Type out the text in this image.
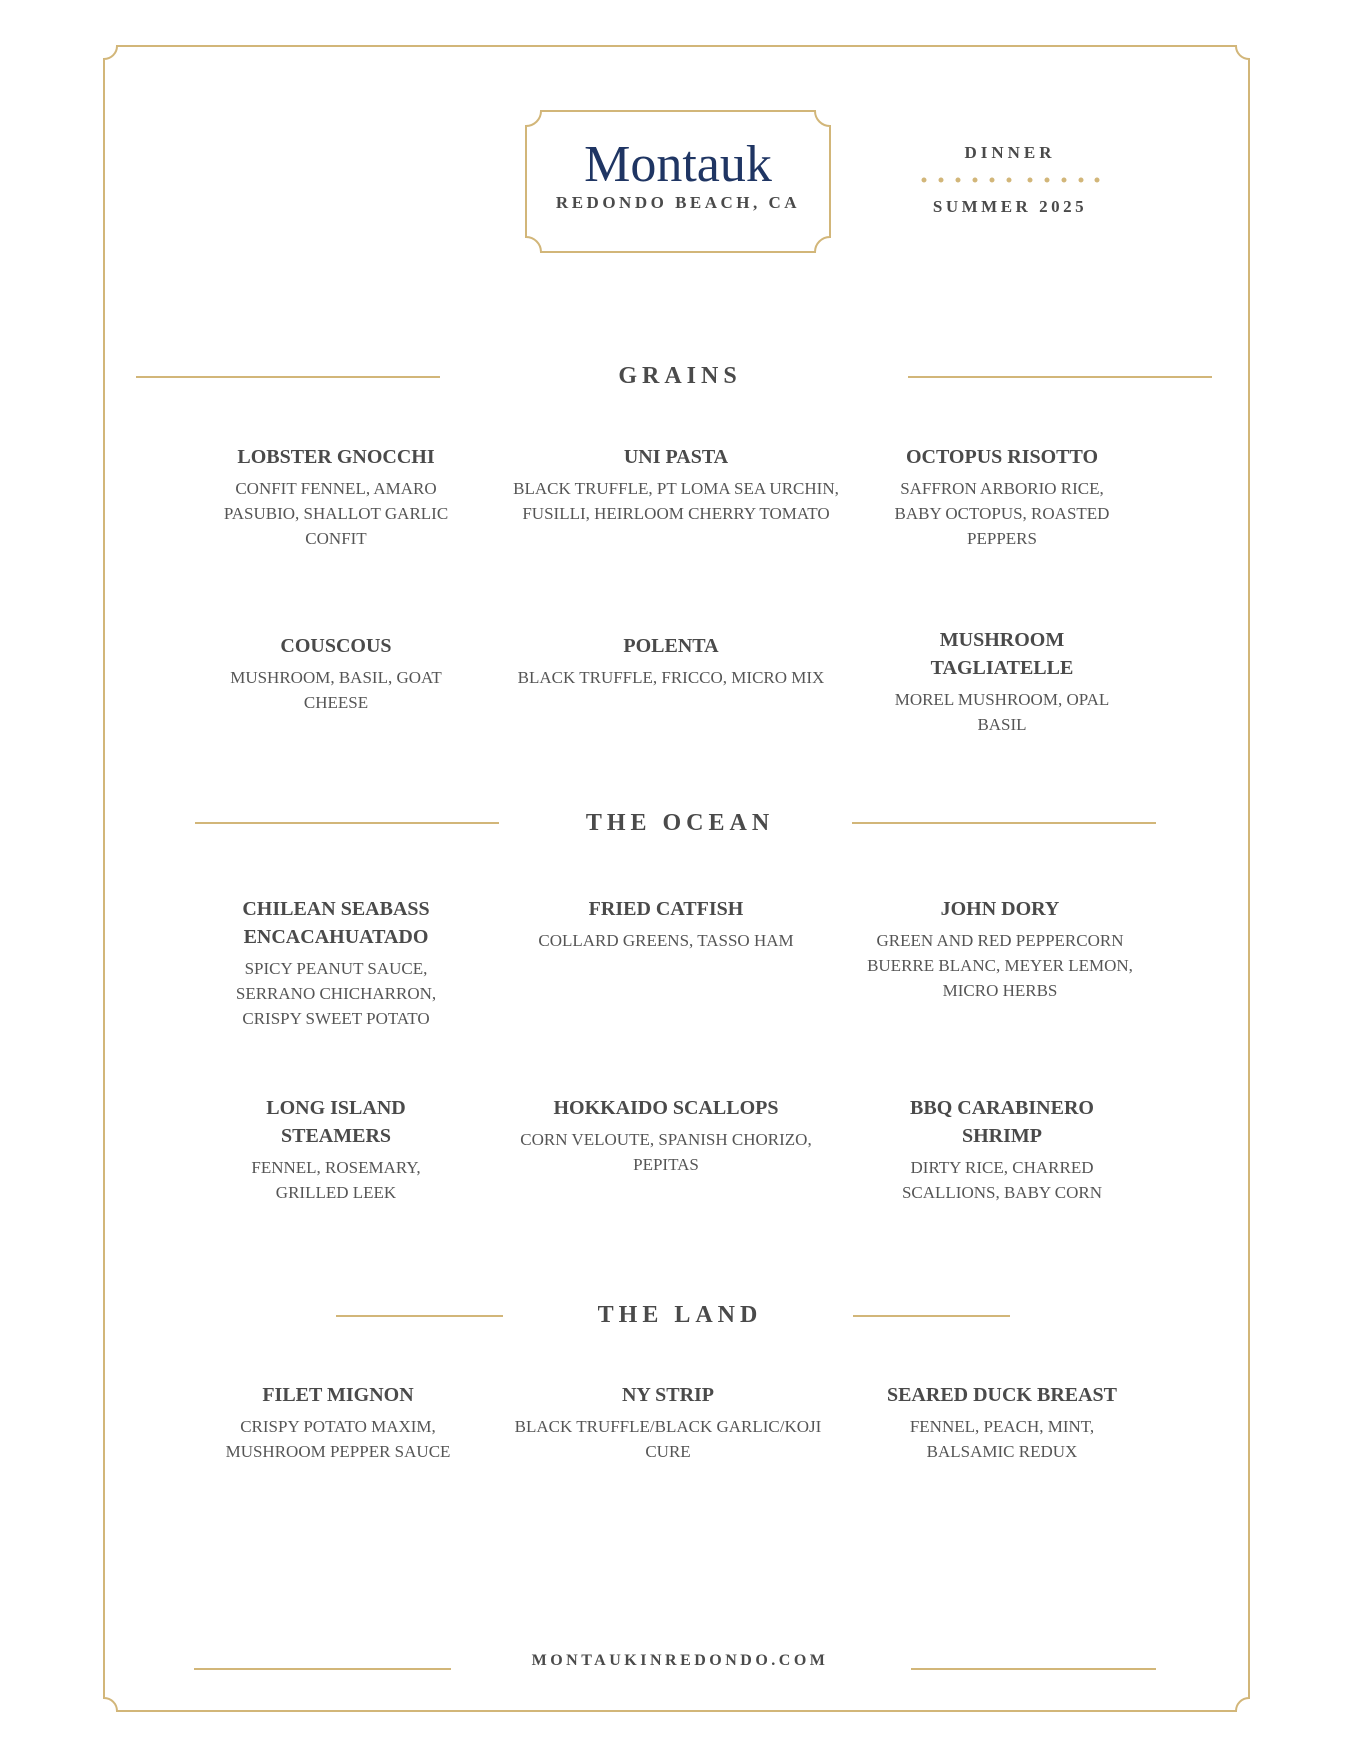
Montauk
REDONDO BEACH, CA
DINNER
SUMMER 2025
GRAINS
LOBSTER GNOCCHI
CONFIT FENNEL, AMARO PASUBIO, SHALLOT GARLIC CONFIT
UNI PASTA
BLACK TRUFFLE, PT LOMA SEA URCHIN, FUSILLI, HEIRLOOM CHERRY TOMATO
OCTOPUS RISOTTO
SAFFRON ARBORIO RICE, BABY OCTOPUS, ROASTED PEPPERS
COUSCOUS
MUSHROOM, BASIL, GOAT CHEESE
POLENTA
BLACK TRUFFLE, FRICCO, MICRO MIX
MUSHROOM TAGLIATELLE
MOREL MUSHROOM, OPAL BASIL
THE OCEAN
CHILEAN SEABASS ENCACAHUATADO
SPICY PEANUT SAUCE, SERRANO CHICHARRON, CRISPY SWEET POTATO
FRIED CATFISH
COLLARD GREENS, TASSO HAM
JOHN DORY
GREEN AND RED PEPPERCORN BUERRE BLANC, MEYER LEMON, MICRO HERBS
LONG ISLAND STEAMERS
FENNEL, ROSEMARY, GRILLED LEEK
HOKKAIDO SCALLOPS
CORN VELOUTE, SPANISH CHORIZO, PEPITAS
BBQ CARABINERO SHRIMP
DIRTY RICE, CHARRED SCALLIONS, BABY CORN
THE LAND
FILET MIGNON
CRISPY POTATO MAXIM, MUSHROOM PEPPER SAUCE
NY STRIP
BLACK TRUFFLE/BLACK GARLIC/KOJI CURE
SEARED DUCK BREAST
FENNEL, PEACH, MINT, BALSAMIC REDUX
MONTAUKINREDONDO.COM
